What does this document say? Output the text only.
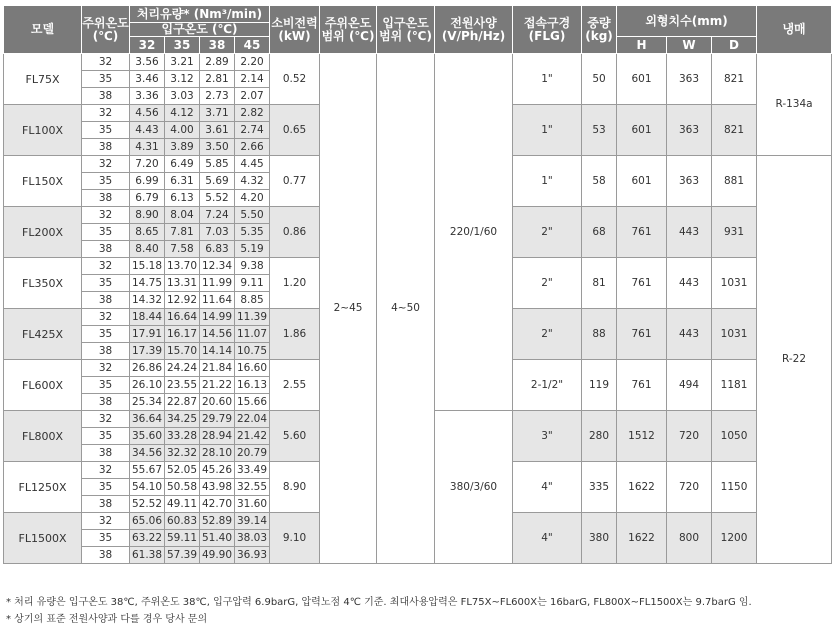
모델	주위온도 (℃)	처리유량* (Nm³/min)				소비전력 (kW)	주위온도 범위 (℃)	입구온도 범위 (℃)	전원사양 (V/Ph/Hz)	접속구경 (FLG)	중량 (kg)	외형치수(mm)			냉매
		입구온도 (℃)													
		32	35	38	45							H	W	D	
FL75X	32	3.56	3.21	2.89	2.20	0.52	2~45	4~50	220/1/60	1"	50	601	363	821	R-134a
	35	3.46	3.12	2.81	2.14										
	38	3.36	3.03	2.73	2.07										
FL100X	32	4.56	4.12	3.71	2.82	0.65				1"	53	601	363	821	
	35	4.43	4.00	3.61	2.74										
	38	4.31	3.89	3.50	2.66										
FL150X	32	7.20	6.49	5.85	4.45	0.77				1"	58	601	363	881	R-22
	35	6.99	6.31	5.69	4.32										
	38	6.79	6.13	5.52	4.20										
FL200X	32	8.90	8.04	7.24	5.50	0.86				2"	68	761	443	931	
	35	8.65	7.81	7.03	5.35										
	38	8.40	7.58	6.83	5.19										
FL350X	32	15.18	13.70	12.34	9.38	1.20				2"	81	761	443	1031	
	35	14.75	13.31	11.99	9.11										
	38	14.32	12.92	11.64	8.85										
FL425X	32	18.44	16.64	14.99	11.39	1.86				2"	88	761	443	1031	
	35	17.91	16.17	14.56	11.07										
	38	17.39	15.70	14.14	10.75										
FL600X	32	26.86	24.24	21.84	16.60	2.55				2-1/2"	119	761	494	1181	
	35	26.10	23.55	21.22	16.13										
	38	25.34	22.87	20.60	15.66										
FL800X	32	36.64	34.25	29.79	22.04	5.60			380/3/60	3"	280	1512	720	1050	
	35	35.60	33.28	28.94	21.42										
	38	34.56	32.32	28.10	20.79										
FL1250X	32	55.67	52.05	45.26	33.49	8.90				4"	335	1622	720	1150	
	35	54.10	50.58	43.98	32.55										
	38	52.52	49.11	42.70	31.60										
FL1500X	32	65.06	60.83	52.89	39.14	9.10				4"	380	1622	800	1200	
	35	63.22	59.11	51.40	38.03										
	38	61.38	57.39	49.90	36.93										
* 처리 유량은 입구온도 38℃, 주위온도 38℃, 입구압력 6.9barG, 압력노점 4℃ 기준. 최대사용압력은 FL75X~FL600X는 16barG, FL800X~FL1500X는 9.7barG 임.
* 상기의 표준 전원사양과 다를 경우 당사 문의
